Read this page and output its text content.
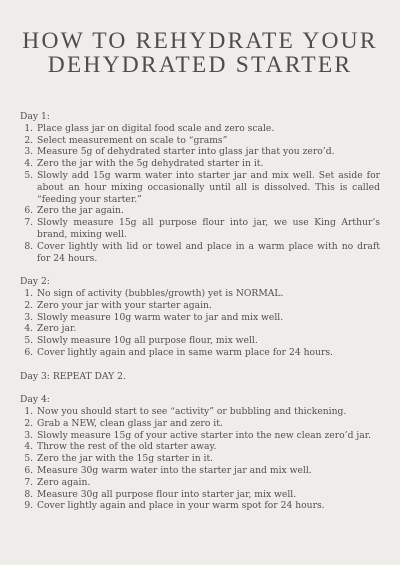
HOW TO REHYDRATE YOUR
DEHYDRATED STARTER

Day 1:

1. Place glass jar on digital food scale and zero scale.
2. Select measurement on scale to “grams”
3. Measure 5g of dehydrated starter into glass jar that you zero’d.
4. Zero the jar with the 5g dehydrated starter in it.
5. Slowly add 15g warm water into starter jar and mix well. Set aside for about an hour mixing occasionally until all is dissolved. This is called “feeding your starter.”
6. Zero the jar again.
7. Slowly measure 15g all purpose flour into jar, we use King Arthur’s brand, mixing well.
8. Cover lightly with lid or towel and place in a warm place with no draft for 24 hours.

Day 2:

1. No sign of activity (bubbles/growth) yet is NORMAL.
2. Zero your jar with your starter again.
3. Slowly measure 10g warm water to jar and mix well.
4. Zero jar.
5. Slowly measure 10g all purpose flour, mix well.
6. Cover lightly again and place in same warm place for 24 hours.

Day 3: REPEAT DAY 2.

Day 4:

1. Now you should start to see “activity” or bubbling and thickening.
2. Grab a NEW, clean glass jar and zero it.
3. Slowly measure 15g of your active starter into the new clean zero’d jar.
4. Throw the rest of the old starter away.
5. Zero the jar with the 15g starter in it.
6. Measure 30g warm water into the starter jar and mix well.
7. Zero again.
8. Measure 30g all purpose flour into starter jar, mix well.
9. Cover lightly again and place in your warm spot for 24 hours.
